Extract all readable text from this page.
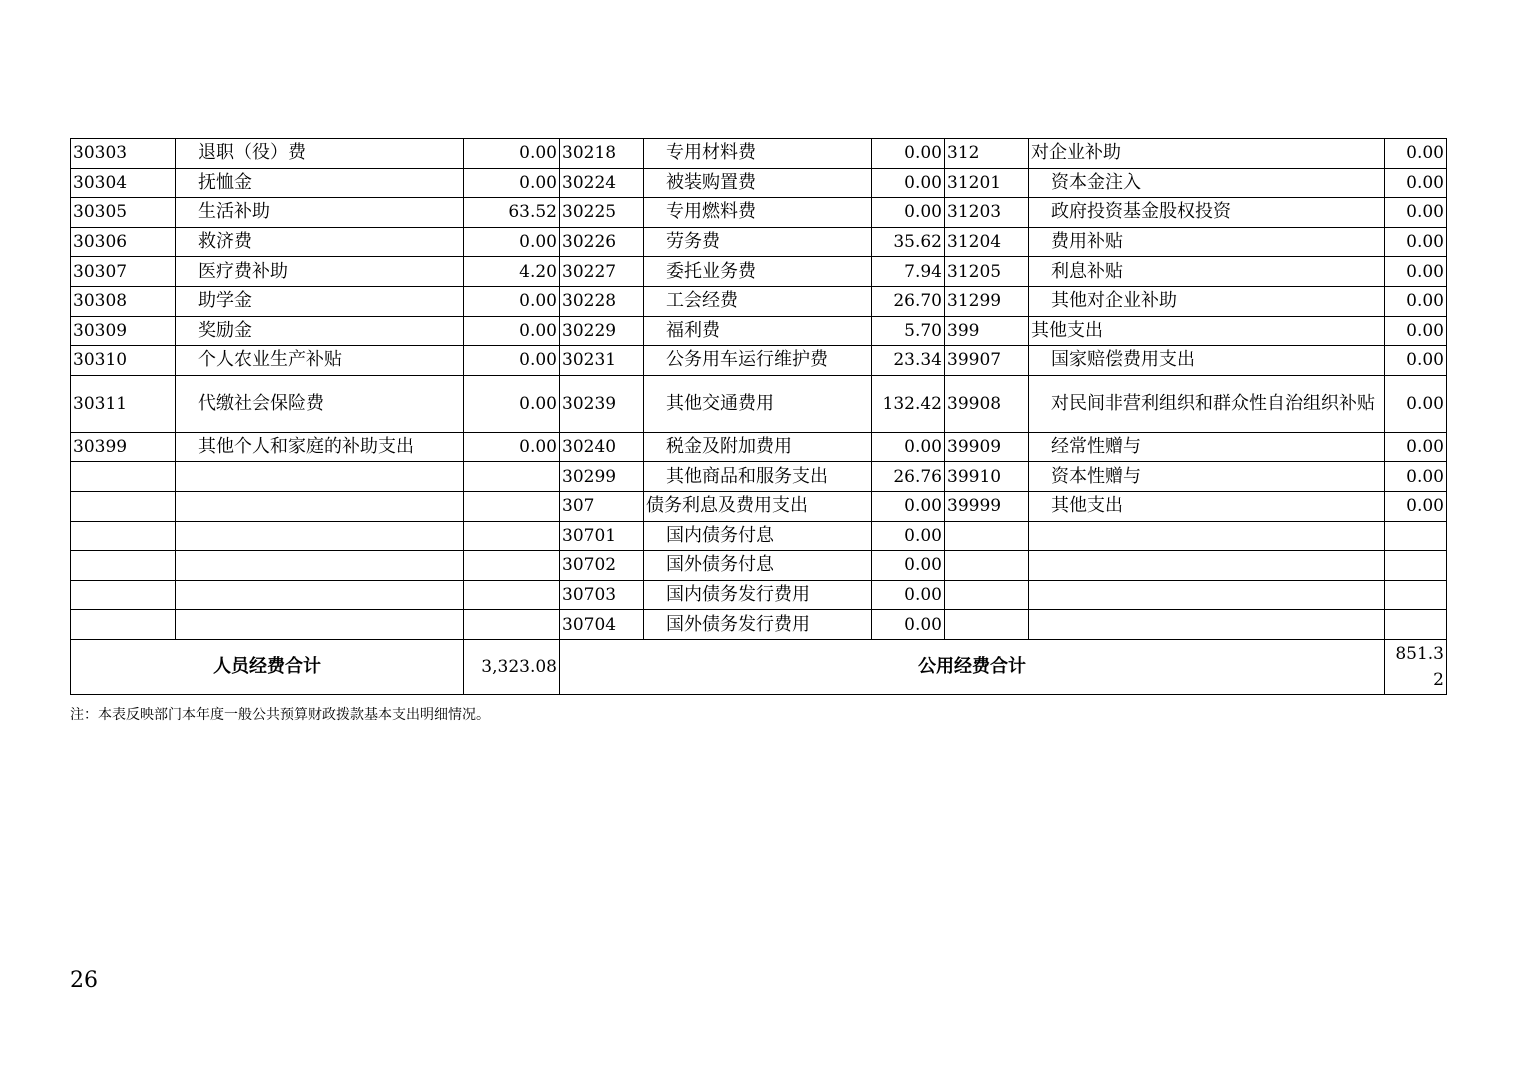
30303	退职（役）费	0.00	30218	专用材料费	0.00	312	对企业补助	0.00
30304	抚恤金	0.00	30224	被装购置费	0.00	31201	资本金注入	0.00
30305	生活补助	63.52	30225	专用燃料费	0.00	31203	政府投资基金股权投资	0.00
30306	救济费	0.00	30226	劳务费	35.62	31204	费用补贴	0.00
30307	医疗费补助	4.20	30227	委托业务费	7.94	31205	利息补贴	0.00
30308	助学金	0.00	30228	工会经费	26.70	31299	其他对企业补助	0.00
30309	奖励金	0.00	30229	福利费	5.70	399	其他支出	0.00
30310	个人农业生产补贴	0.00	30231	公务用车运行维护费	23.34	39907	国家赔偿费用支出	0.00
30311	代缴社会保险费	0.00	30239	其他交通费用	132.42	39908	对民间非营利组织和群众性自治组织补贴	0.00
30399	其他个人和家庭的补助支出	0.00	30240	税金及附加费用	0.00	39909	经常性赠与	0.00
			30299	其他商品和服务支出	26.76	39910	资本性赠与	0.00
			307	债务利息及费用支出	0.00	39999	其他支出	0.00
			30701	国内债务付息	0.00			
			30702	国外债务付息	0.00			
			30703	国内债务发行费用	0.00			
			30704	国外债务发行费用	0.00			
人员经费合计		3,323.08	公用经费合计					851.32
注：本表反映部门本年度一般公共预算财政拨款基本支出明细情况。
26
